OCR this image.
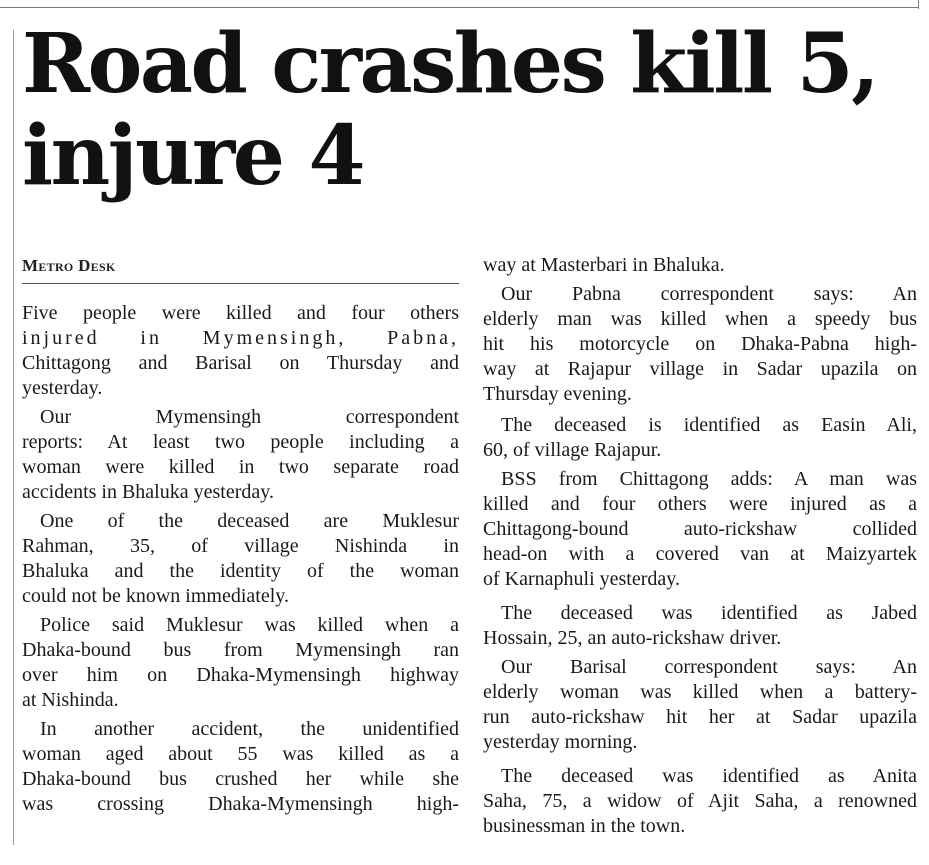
Road crashes kill 5,
injure 4
Metro Desk
Five people were killed and four others
injured in Mymensingh, Pabna,
Chittagong and Barisal on Thursday and
yesterday.
Our Mymensingh correspondent
reports: At least two people including a
woman were killed in two separate road
accidents in Bhaluka yesterday.
One of the deceased are Muklesur
Rahman, 35, of village Nishinda in
Bhaluka and the identity of the woman
could not be known immediately.
Police said Muklesur was killed when a
Dhaka-bound bus from Mymensingh ran
over him on Dhaka-Mymensingh highway
at Nishinda.
In another accident, the unidentified
woman aged about 55 was killed as a
Dhaka-bound bus crushed her while she
was crossing Dhaka-Mymensingh high-
way at Masterbari in Bhaluka.
Our Pabna correspondent says: An
elderly man was killed when a speedy bus
hit his motorcycle on Dhaka-Pabna high-
way at Rajapur village in Sadar upazila on
Thursday evening.
The deceased is identified as Easin Ali,
60, of village Rajapur.
BSS from Chittagong adds: A man was
killed and four others were injured as a
Chittagong-bound auto-rickshaw collided
head-on with a covered van at Maizyartek
of Karnaphuli yesterday.
The deceased was identified as Jabed
Hossain, 25, an auto-rickshaw driver.
Our Barisal correspondent says: An
elderly woman was killed when a battery-
run auto-rickshaw hit her at Sadar upazila
yesterday morning.
The deceased was identified as Anita
Saha, 75, a widow of Ajit Saha, a renowned
businessman in the town.
